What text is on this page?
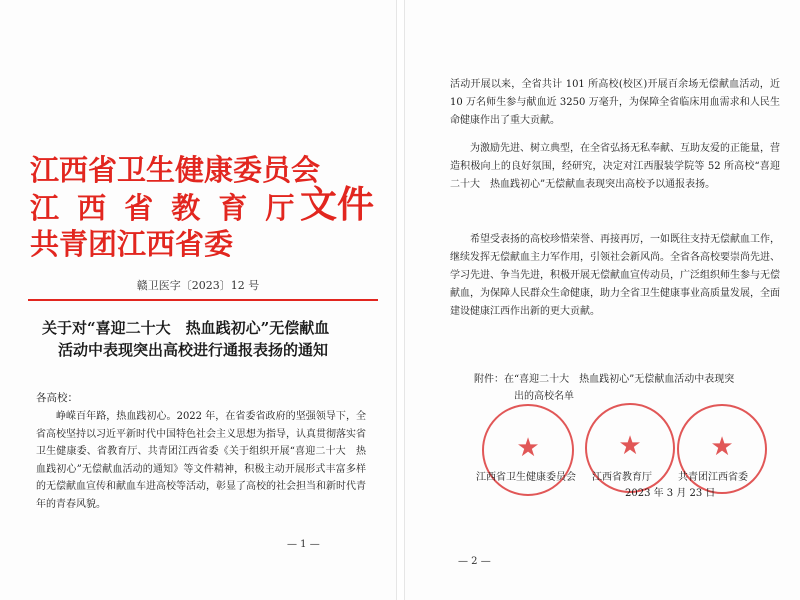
江西省卫生健康委员会
江 西 省 教 育 厅
共青团江西省委
文件
赣卫医字〔2023〕12 号
关于对“喜迎二十大　热血践初心”无偿献血
活动中表现突出高校进行通报表扬的通知
各高校：

峥嵘百年路，热血践初心。2022 年，在省委省政府的坚强领导下，全省高校坚持以习近平新时代中国特色社会主义思想为指导，认真贯彻落实省卫生健康委、省教育厅、共青团江西省委《关于组织开展“喜迎二十大　热血践初心”无偿献血活动的通知》等文件精神，积极主动开展形式丰富多样的无偿献血宣传和献血车进高校等活动，彰显了高校的社会担当和新时代青年的青春风貌。

— 1 —

活动开展以来，全省共计 101 所高校(校区)开展百余场无偿献血活动，近 10 万名师生参与献血近 3250 万毫升，为保障全省临床用血需求和人民生命健康作出了重大贡献。

为激励先进、树立典型，在全省弘扬无私奉献、互助友爱的正能量，营造积极向上的良好氛围，经研究，决定对江西服装学院等 52 所高校“喜迎二十大　热血践初心”无偿献血表现突出高校予以通报表扬。

希望受表扬的高校珍惜荣誉、再接再厉，一如既往支持无偿献血工作，继续发挥无偿献血主力军作用，引领社会新风尚。全省各高校要崇尚先进、学习先进、争当先进，积极开展无偿献血宣传动员，广泛组织师生参与无偿献血，为保障人民群众生命健康，助力全省卫生健康事业高质量发展，全面建设健康江西作出新的更大贡献。

附件：在“喜迎二十大　热血践初心”无偿献血活动中表现突
出的高校名单
★	★	★
江西省卫生健康委员会 江西省教育厅	共青团江西省委
2023 年 3 月 23 日
— 2 —
